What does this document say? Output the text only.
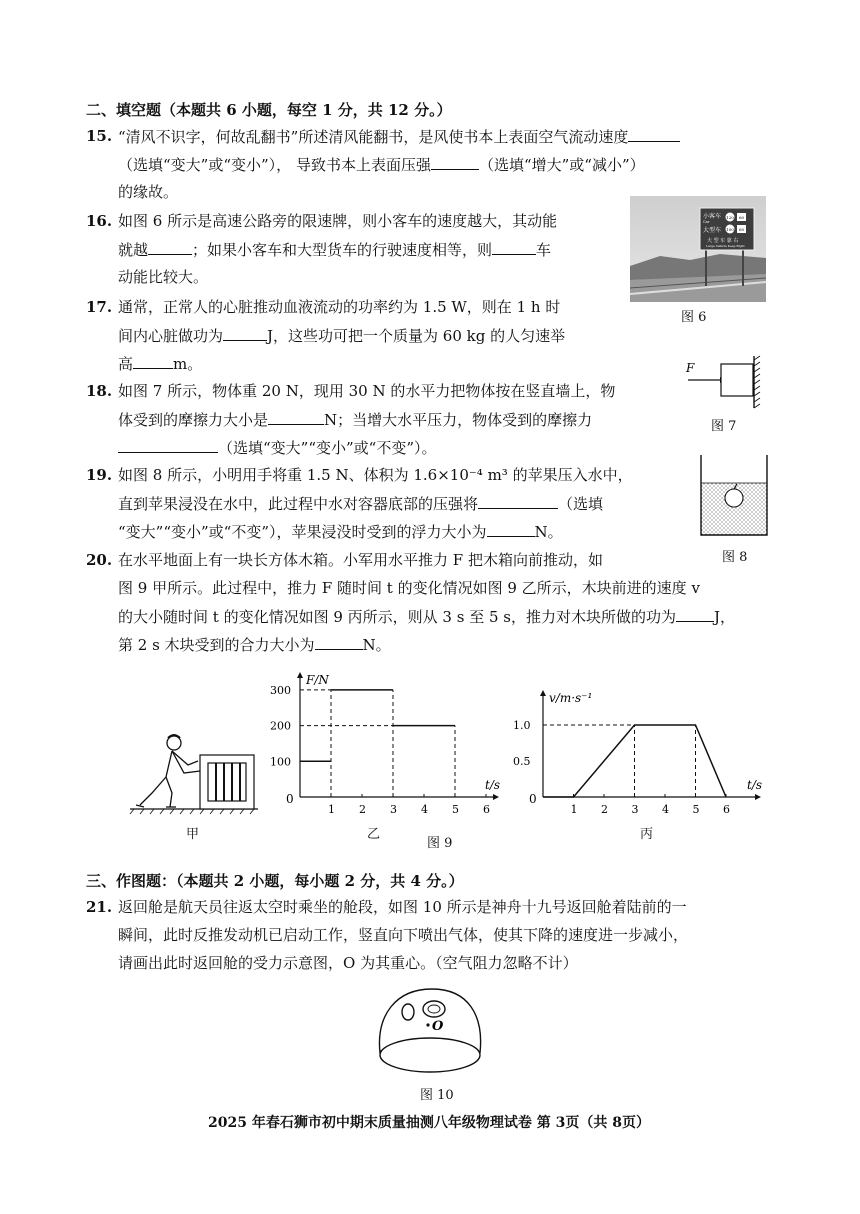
二、填空题（本题共 6 小题，每空 1 分，共 12 分。）
15. “清风不识字，何故乱翻书”所述清风能翻书，是风使书本上表面空气流动速度
（选填“变大”或“变小”）， 导致书本上表面压强	（选填“增大”或“减小”）
的缘故。
16. 如图 6 所示是高速公路旁的限速牌，则小客车的速度越大，其动能
就越	；如果小客车和大型货车的行驶速度相等，则	车
动能比较大。
小客车
Car
120 60
大型车 100 60
大 型 车 靠 右
Large Vehicle Keep Right
图 6
17. 通常，正常人的心脏推动血液流动的功率约为 1.5 W，则在 1 h 时
间内心脏做功为	J，这些功可把一个质量为 60 kg 的人匀速举
高	m。	F
图 7
18. 如图 7 所示，物体重 20 N，现用 30 N 的水平力把物体按在竖直墙上，物
体受到的摩擦力大小是	N；当增大水平压力，物体受到的摩擦力
（选填“变大”“变小”或“不变”）。
图 8
19. 如图 8 所示，小明用手将重 1.5 N、体积为 1.6×10⁻⁴ m³ 的苹果压入水中，
直到苹果浸没在水中，此过程中水对容器底部的压强将	（选填
“变大”“变小”或“不变”），苹果浸没时受到的浮力大小为	N。
20. 在水平地面上有一块长方体木箱。小军用水平推力 F 把木箱向前推动，如
图 9 甲所示。此过程中，推力 F 随时间 t 的变化情况如图 9 乙所示，木块前进的速度 v
的大小随时间 t 的变化情况如图 9 丙所示，则从 3 s 至 5 s，推力对木块所做的功为	J，
第 2 s 木块受到的合力大小为	N。
甲
0
1 2 3 4 5 6
100
200
300
t/s
F/N
乙
图 9
0
1 2 3 4 5 6
0.5
1.0
t/s
v/m·s⁻¹
丙
三、作图题：（本题共 2 小题，每小题 2 分，共 4 分。）
21. 返回舱是航天员往返太空时乘坐的舱段，如图 10 所示是神舟十九号返回舱着陆前的一
瞬间，此时反推发动机已启动工作，竖直向下喷出气体，使其下降的速度进一步减小，
请画出此时返回舱的受力示意图，O 为其重心。（空气阻力忽略不计）
O
图 10
2025 年春石狮市初中期末质量抽测八年级物理试卷 第 3页（共 8页）
